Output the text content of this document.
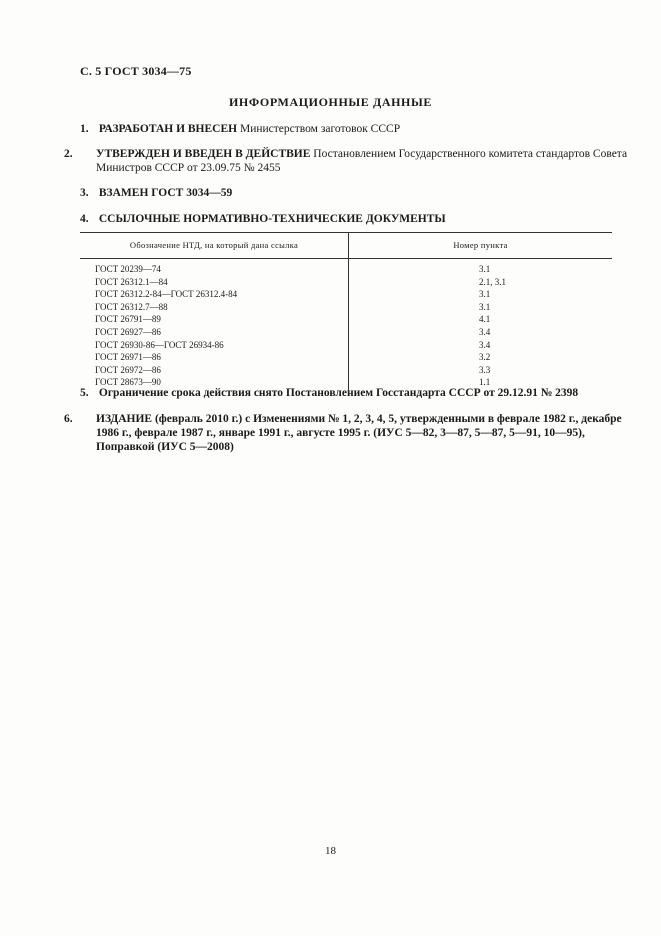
С. 5 ГОСТ 3034—75
ИНФОРМАЦИОННЫЕ ДАННЫЕ
1. РАЗРАБОТАН И ВНЕСЕН Министерством заготовок СССР
2. УТВЕРЖДЕН И ВВЕДЕН В ДЕЙСТВИЕ Постановлением Государственного комитета стандартов Совета Министров СССР от 23.09.75 № 2455
3. ВЗАМЕН ГОСТ 3034—59
4. ССЫЛОЧНЫЕ НОРМАТИВНО-ТЕХНИЧЕСКИЕ ДОКУМЕНТЫ
Обозначение НТД, на который дана ссылка	Номер пункта
ГОСТ 20239—74	3.1
ГОСТ 26312.1—84	2.1, 3.1
ГОСТ 26312.2-84—ГОСТ 26312.4-84	3.1
ГОСТ 26312.7—88	3.1
ГОСТ 26791—89	4.1
ГОСТ 26927—86	3.4
ГОСТ 26930-86—ГОСТ 26934-86	3.4
ГОСТ 26971—86	3.2
ГОСТ 26972—86	3.3
ГОСТ 28673—90	1.1
5. Ограничение срока действия снято Постановлением Госстандарта СССР от 29.12.91 № 2398
6. ИЗДАНИЕ (февраль 2010 г.) с Изменениями № 1, 2, 3, 4, 5, утвержденными в феврале 1982 г., декабре 1986 г., феврале 1987 г., январе 1991 г., августе 1995 г. (ИУС 5—82, 3—87, 5—87, 5—91, 10—95), Поправкой (ИУС 5—2008)
18
